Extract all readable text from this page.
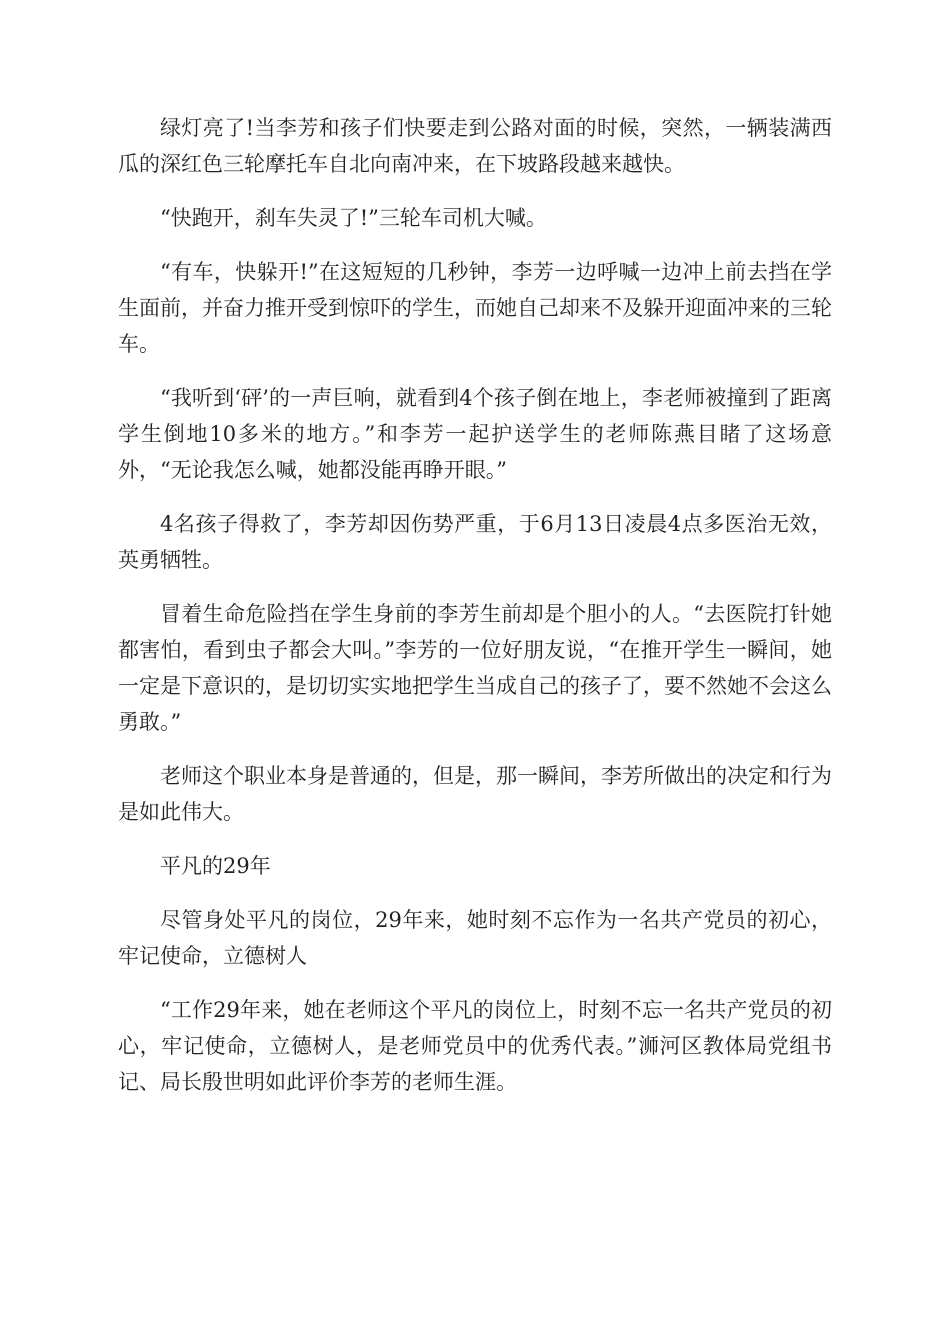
绿灯亮了!当李芳和孩子们快要走到公路对面的时候，突然，一辆装满西瓜的深红色三轮摩托车自北向南冲来，在下坡路段越来越快。

“快跑开，刹车失灵了!”三轮车司机大喊。

“有车，快躲开!”在这短短的几秒钟，李芳一边呼喊一边冲上前去挡在学生面前，并奋力推开受到惊吓的学生，而她自己却来不及躲开迎面冲来的三轮车。

“我听到‘砰’的一声巨响，就看到4个孩子倒在地上，李老师被撞到了距离学生倒地10多米的地方。”和李芳一起护送学生的老师陈燕目睹了这场意外，“无论我怎么喊，她都没能再睁开眼。”

4名孩子得救了，李芳却因伤势严重，于6月13日凌晨4点多医治无效，英勇牺牲。

冒着生命危险挡在学生身前的李芳生前却是个胆小的人。“去医院打针她都害怕，看到虫子都会大叫。”李芳的一位好朋友说，“在推开学生一瞬间，她一定是下意识的，是切切实实地把学生当成自己的孩子了，要不然她不会这么勇敢。”

老师这个职业本身是普通的，但是，那一瞬间，李芳所做出的决定和行为是如此伟大。

平凡的29年

尽管身处平凡的岗位，29年来，她时刻不忘作为一名共产党员的初心，牢记使命，立德树人

“工作29年来，她在老师这个平凡的岗位上，时刻不忘一名共产党员的初心，牢记使命，立德树人，是老师党员中的优秀代表。”浉河区教体局党组书记、局长殷世明如此评价李芳的老师生涯。
